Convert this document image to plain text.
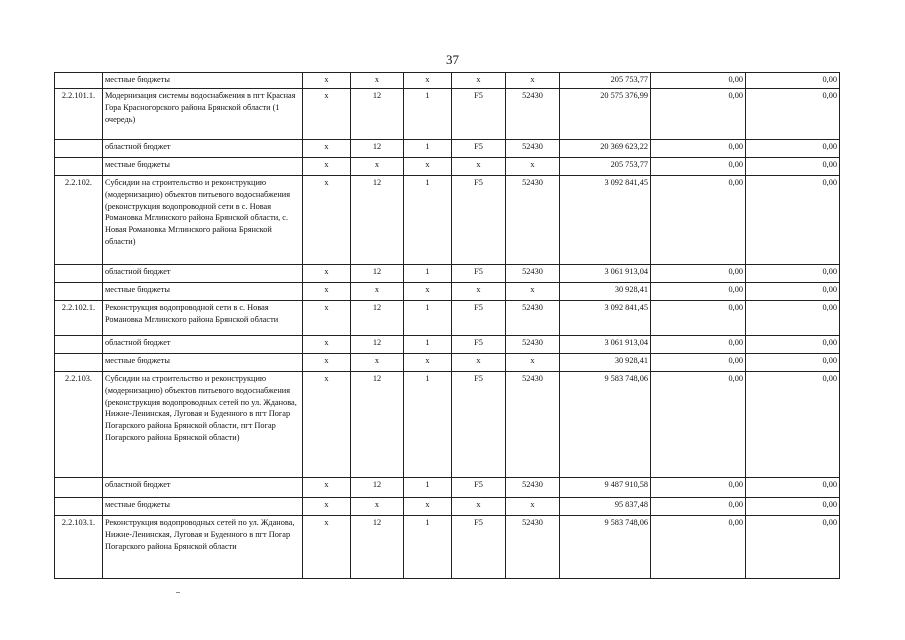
37
	местные бюджеты	x	x	x	x	x	205 753,77	0,00	0,00
2.2.101.1.	Модернизация системы водоснабжения в пгт Красная Гора Красногорского района Брянской области (1 очередь)	x	12	1	F5	52430	20 575 376,99	0,00	0,00
	областной бюджет	x	12	1	F5	52430	20 369 623,22	0,00	0,00
	местные бюджеты	x	x	x	x	x	205 753,77	0,00	0,00
2.2.102.	Субсидии на строительство и реконструкцию (модернизацию) объектов питьевого водоснабжения (реконструкция водопроводной сети в с. Новая Романовка Мглинского района Брянской области, с. Новая Романовка Мглинского района Брянской области)	x	12	1	F5	52430	3 092 841,45	0,00	0,00
	областной бюджет	x	12	1	F5	52430	3 061 913,04	0,00	0,00
	местные бюджеты	x	x	x	x	x	30 928,41	0,00	0,00
2.2.102.1.	Реконструкция водопроводной сети в с. Новая Романовка Мглинского района Брянской области	x	12	1	F5	52430	3 092 841,45	0,00	0,00
	областной бюджет	x	12	1	F5	52430	3 061 913,04	0,00	0,00
	местные бюджеты	x	x	x	x	x	30 928,41	0,00	0,00
2.2.103.	Субсидии на строительство и реконструкцию (модернизацию) объектов питьевого водоснабжения (реконструкция водопроводных сетей по ул. Жданова, Нижне-Ленинская, Луговая и Буденного в пгт Погар Погарского района Брянской области, пгт Погар Погарского района Брянской области)	x	12	1	F5	52430	9 583 748,06	0,00	0,00
	областной бюджет	x	12	1	F5	52430	9 487 910,58	0,00	0,00
	местные бюджеты	x	x	x	x	x	95 837,48	0,00	0,00
2.2.103.1.	Реконструкция водопроводных сетей по ул. Жданова, Нижне-Ленинская, Луговая и Буденного в пгт Погар Погарского района Брянской области	x	12	1	F5	52430	9 583 748,06	0,00	0,00
